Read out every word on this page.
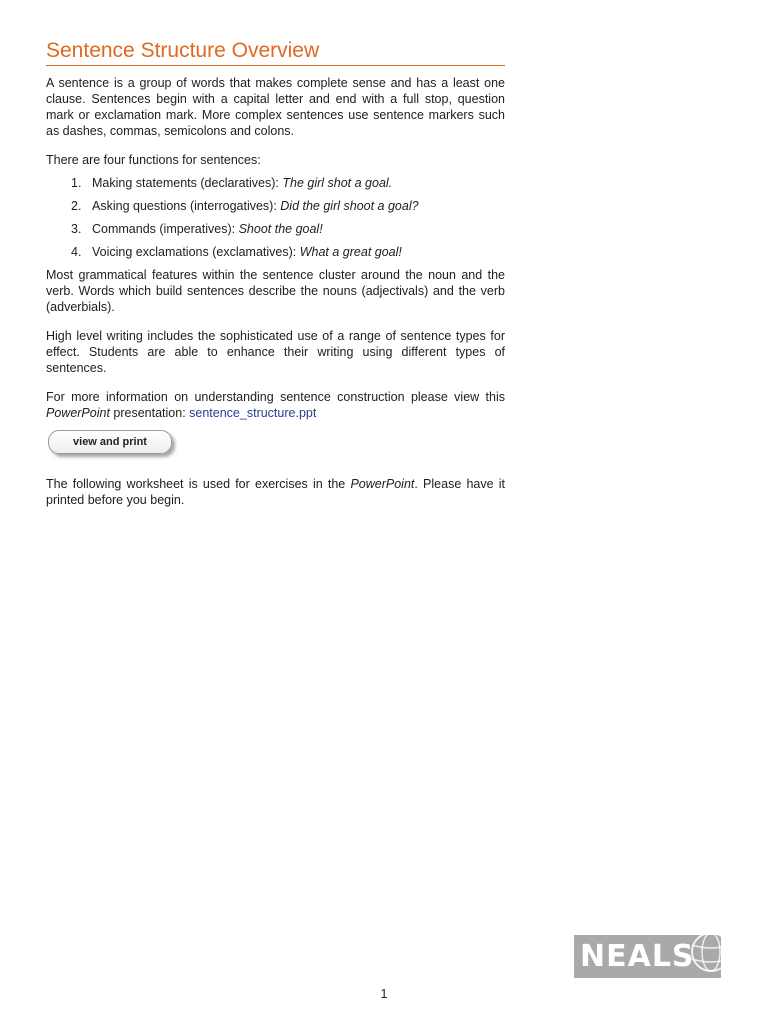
Sentence Structure Overview

A sentence is a group of words that makes complete sense and has a least one clause. Sentences begin with a capital letter and end with a full stop, question mark or exclamation mark. More complex sentences use sentence markers such as dashes, commas, semicolons and colons.

There are four functions for sentences:

1. Making statements (declaratives): The girl shot a goal.
2. Asking questions (interrogatives): Did the girl shoot a goal?
3. Commands (imperatives): Shoot the goal!
4. Voicing exclamations (exclamatives): What a great goal!

Most grammatical features within the sentence cluster around the noun and the verb. Words which build sentences describe the nouns (adjectivals) and the verb (adverbials).

High level writing includes the sophisticated use of a range of sentence types for effect. Students are able to enhance their writing using different types of sentences.

For more information on understanding sentence construction please view this PowerPoint presentation: sentence_structure.ppt

view and print

The following worksheet is used for exercises in the PowerPoint. Please have it printed before you begin.

NEALS
1
